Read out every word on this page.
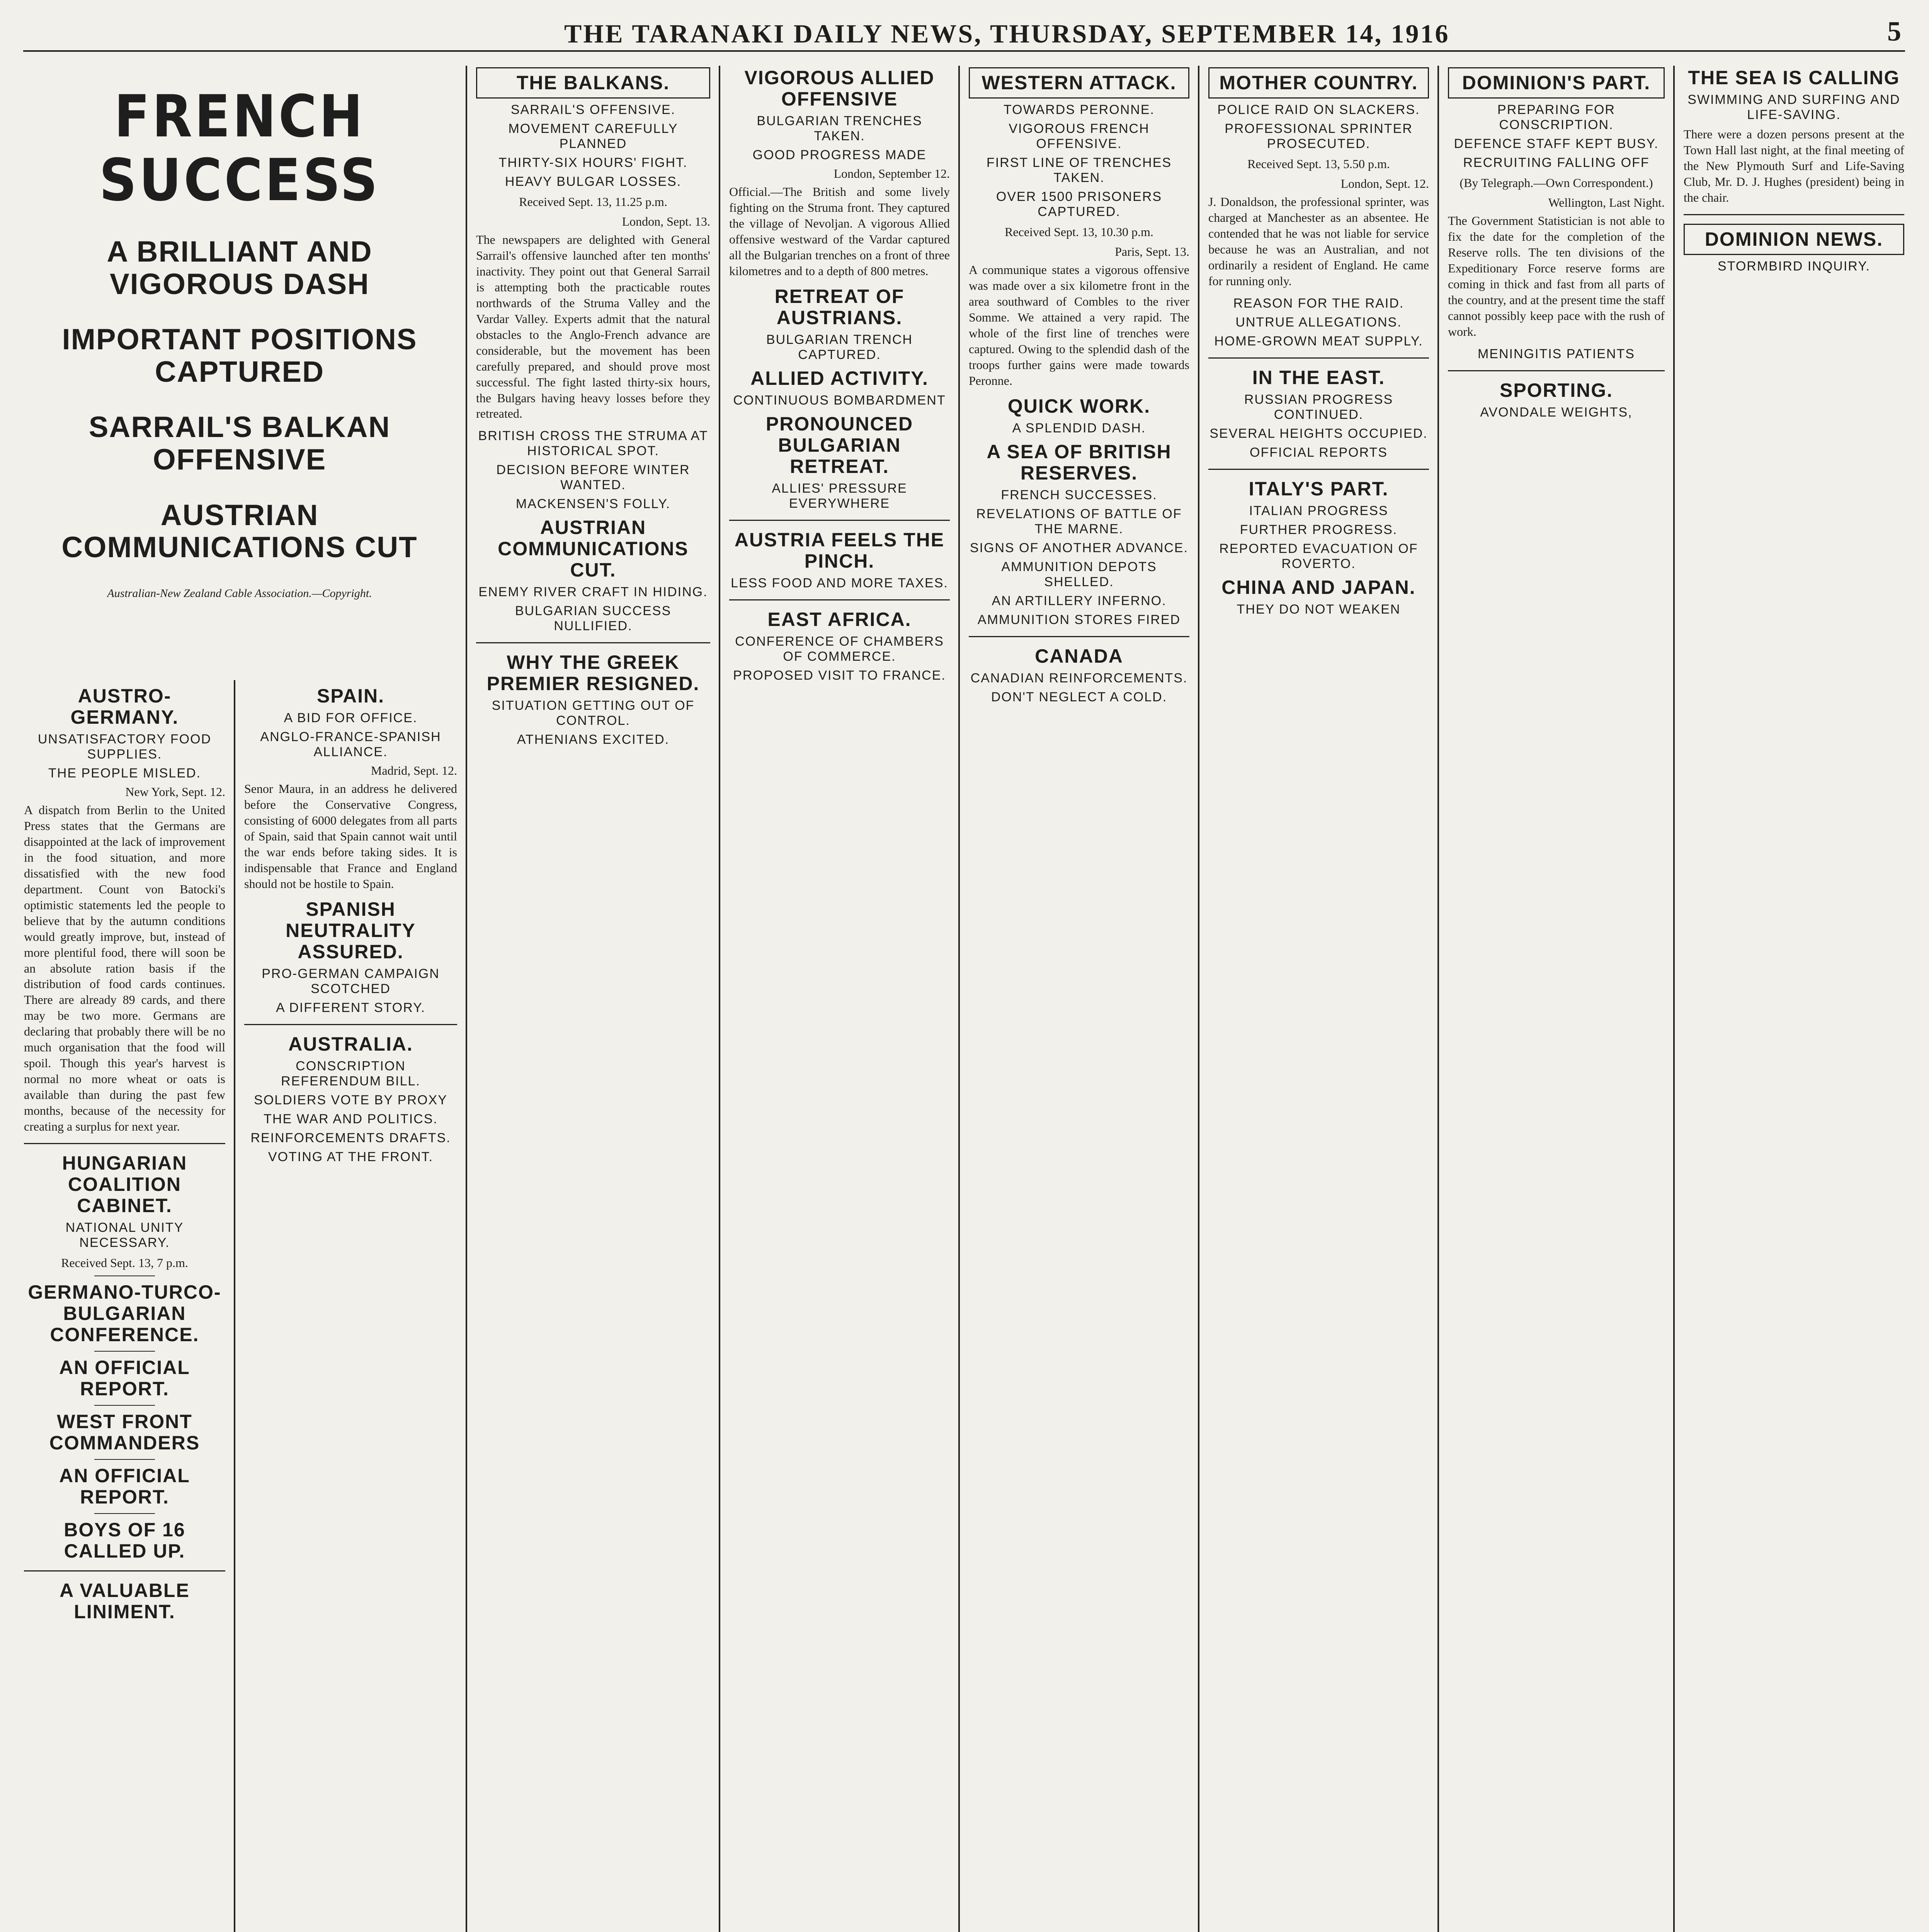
THE TARANAKI DAILY NEWS, THURSDAY, SEPTEMBER 14, 1916	5
FRENCH SUCCESS
A BRILLIANT AND VIGOROUS DASH
IMPORTANT POSITIONS CAPTURED
SARRAIL'S BALKAN OFFENSIVE
AUSTRIAN COMMUNICATIONS CUT
Australian-New Zealand Cable Association.—Copyright.
AUSTRO-GERMANY.
UNSATISFACTORY FOOD SUPPLIES.
THE PEOPLE MISLED.
New York, Sept. 12.
A dispatch from Berlin to the United Press states that the Germans are disappointed at the lack of improvement in the food situation, and more dissatisfied with the new food department. Count von Batocki's optimistic statements led the people to believe that by the autumn conditions would greatly improve, but, instead of more plentiful food, there will soon be an absolute ration basis if the distribution of food cards continues. There are already 89 cards, and there may be two more. Germans are declaring that probably there will be no much organisation that the food will spoil. Though this year's harvest is normal no more wheat or oats is available than during the past few months, because of the necessity for creating a surplus for next year.
HUNGARIAN COALITION CABINET.
NATIONAL UNITY NECESSARY.
Received Sept. 13, 7 p.m.
GERMANO-TURCO-BULGARIAN CONFERENCE.
AN OFFICIAL REPORT.
WEST FRONT COMMANDERS
AN OFFICIAL REPORT.
BOYS OF 16 CALLED UP.
A VALUABLE LINIMENT.
SPAIN.
A BID FOR OFFICE.
ANGLO-FRANCE-SPANISH ALLIANCE.
Madrid, Sept. 12.
Senor Maura, in an address he delivered before the Conservative Congress, consisting of 6000 delegates from all parts of Spain, said that Spain cannot wait until the war ends before taking sides. It is indispensable that France and England should not be hostile to Spain.
SPANISH NEUTRALITY ASSURED.
PRO-GERMAN CAMPAIGN SCOTCHED
A DIFFERENT STORY.
AUSTRALIA.
CONSCRIPTION REFERENDUM BILL.
SOLDIERS VOTE BY PROXY
THE WAR AND POLITICS.
REINFORCEMENTS DRAFTS.
VOTING AT THE FRONT.
THE BALKANS.
SARRAIL'S OFFENSIVE.
MOVEMENT CAREFULLY PLANNED
THIRTY-SIX HOURS' FIGHT.
HEAVY BULGAR LOSSES.
Received Sept. 13, 11.25 p.m.
London, Sept. 13.
The newspapers are delighted with General Sarrail's offensive launched after ten months' inactivity. They point out that General Sarrail is attempting both the practicable routes northwards of the Struma Valley and the Vardar Valley. Experts admit that the natural obstacles to the Anglo-French advance are considerable, but the movement has been carefully prepared, and should prove most successful. The fight lasted thirty-six hours, the Bulgars having heavy losses before they retreated.
BRITISH CROSS THE STRUMA AT HISTORICAL SPOT.
DECISION BEFORE WINTER WANTED.
MACKENSEN'S FOLLY.
AUSTRIAN COMMUNICATIONS CUT.
ENEMY RIVER CRAFT IN HIDING.
BULGARIAN SUCCESS NULLIFIED.
WHY THE GREEK PREMIER RESIGNED.
SITUATION GETTING OUT OF CONTROL.
ATHENIANS EXCITED.
VIGOROUS ALLIED OFFENSIVE
BULGARIAN TRENCHES TAKEN.
GOOD PROGRESS MADE
London, September 12.
Official.—The British and some lively fighting on the Struma front. They captured the village of Nevoljan. A vigorous Allied offensive westward of the Vardar captured all the Bulgarian trenches on a front of three kilometres and to a depth of 800 metres.
RETREAT OF AUSTRIANS.
BULGARIAN TRENCH CAPTURED.
ALLIED ACTIVITY.
CONTINUOUS BOMBARDMENT
PRONOUNCED BULGARIAN RETREAT.
ALLIES' PRESSURE EVERYWHERE
AUSTRIA FEELS THE PINCH.
LESS FOOD AND MORE TAXES.
EAST AFRICA.
CONFERENCE OF CHAMBERS OF COMMERCE.
PROPOSED VISIT TO FRANCE.
WESTERN ATTACK.
TOWARDS PERONNE.
VIGOROUS FRENCH OFFENSIVE.
FIRST LINE OF TRENCHES TAKEN.
OVER 1500 PRISONERS CAPTURED.
Received Sept. 13, 10.30 p.m.
Paris, Sept. 13.
A communique states a vigorous offensive was made over a six kilometre front in the area southward of Combles to the river Somme. We attained a very rapid. The whole of the first line of trenches were captured. Owing to the splendid dash of the troops further gains were made towards Peronne.
QUICK WORK.
A SPLENDID DASH.
A SEA OF BRITISH RESERVES.
FRENCH SUCCESSES.
REVELATIONS OF BATTLE OF THE MARNE.
SIGNS OF ANOTHER ADVANCE.
AMMUNITION DEPOTS SHELLED.
AN ARTILLERY INFERNO.
AMMUNITION STORES FIRED
CANADA
CANADIAN REINFORCEMENTS.
DON'T NEGLECT A COLD.
MOTHER COUNTRY.
POLICE RAID ON SLACKERS.
PROFESSIONAL SPRINTER PROSECUTED.
Received Sept. 13, 5.50 p.m.
London, Sept. 12.
J. Donaldson, the professional sprinter, was charged at Manchester as an absentee. He contended that he was not liable for service because he was an Australian, and not ordinarily a resident of England. He came for running only.
REASON FOR THE RAID.
UNTRUE ALLEGATIONS.
HOME-GROWN MEAT SUPPLY.
IN THE EAST.
RUSSIAN PROGRESS CONTINUED.
SEVERAL HEIGHTS OCCUPIED.
OFFICIAL REPORTS
ITALY'S PART.
ITALIAN PROGRESS
FURTHER PROGRESS.
REPORTED EVACUATION OF ROVERTO.
CHINA AND JAPAN.
THEY DO NOT WEAKEN
DOMINION'S PART.
PREPARING FOR CONSCRIPTION.
DEFENCE STAFF KEPT BUSY.
RECRUITING FALLING OFF
(By Telegraph.—Own Correspondent.)
Wellington, Last Night.
The Government Statistician is not able to fix the date for the completion of the Reserve rolls. The ten divisions of the Expeditionary Force reserve forms are coming in thick and fast from all parts of the country, and at the present time the staff cannot possibly keep pace with the rush of work.
MENINGITIS PATIENTS
SPORTING.
AVONDALE WEIGHTS,
THE SEA IS CALLING
SWIMMING AND SURFING AND LIFE-SAVING.
There were a dozen persons present at the Town Hall last night, at the final meeting of the New Plymouth Surf and Life-Saving Club, Mr. D. J. Hughes (president) being in the chair.
DOMINION NEWS.
STORMBIRD INQUIRY.
